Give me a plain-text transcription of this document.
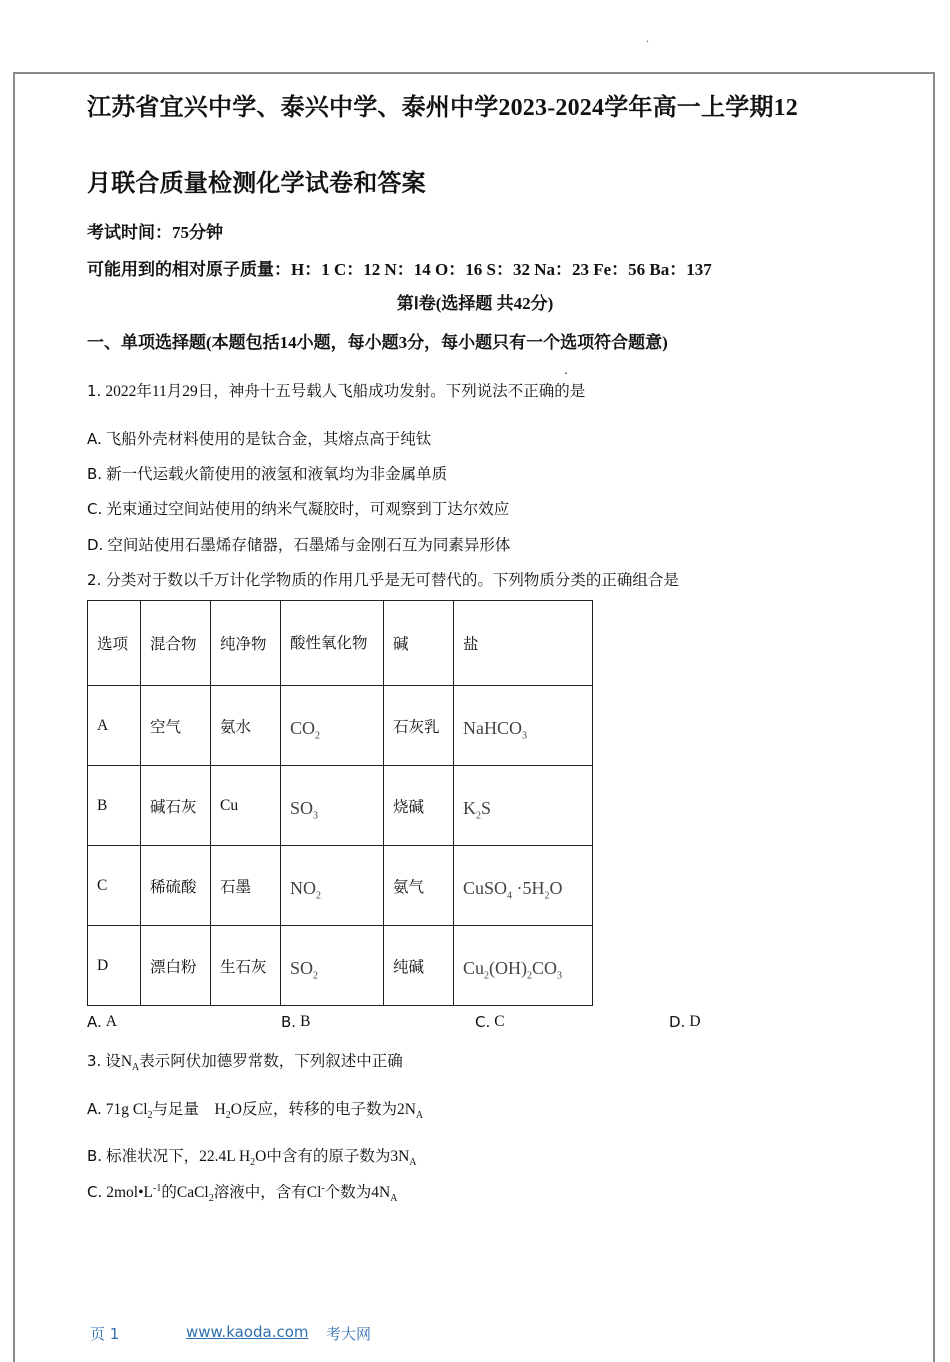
.
江苏省宜兴中学、泰兴中学、泰州中学2023-2024学年高一上学期12
月联合质量检测化学试卷和答案
考试时间：75分钟
可能用到的相对原子质量：H：1 C：12 N：14 O：16 S：32 Na：23 Fe：56 Ba：137
第Ⅰ卷(选择题 共42分)
一、单项选择题(本题包括14小题，每小题3分，每小题只有一个选项符合题意)
.
1. 2022年11月29日，神舟十五号载人飞船成功发射。下列说法不正确的是
A. 飞船外壳材料使用的是钛合金，其熔点高于纯钛
B. 新一代运载火箭使用的液氢和液氧均为非金属单质
C. 光束通过空间站使用的纳米气凝胶时，可观察到丁达尔效应
D. 空间站使用石墨烯存储器，石墨烯与金刚石互为同素异形体
2. 分类对于数以千万计化学物质的作用几乎是无可替代的。下列物质分类的正确组合是
选项	混合物	纯净物	酸性氧化物	碱	盐
A	空气	氨水	$CO_2$	石灰乳	NaHCO$_3$
B	碱石灰	Cu	$SO_3$	烧碱	$K_2S$
C	稀硫酸	石墨	$NO_2$	氨气	CuSO$_4$ $\cdot 5H_2O$
D	漂白粉	生石灰	$SO_2$	纯碱	$Cu_2(OH)_2CO_3$
A. A	B. B	C. C	D. D
3. 设$N_A$表示阿伏加德罗常数，下列叙述中正确
A. 71g $Cl_2$与足量    $H_2O$反应，转移的电子数为$2N_A$
B. 标准状况下，22.4L $H_2O$中含有的原子数为$3N_A$
C. $2mol•L^{-1}$的CaCl$_2$溶液中，含有Cl-个数为$4N_A$
页 1	www.kaoda.com 考大网
